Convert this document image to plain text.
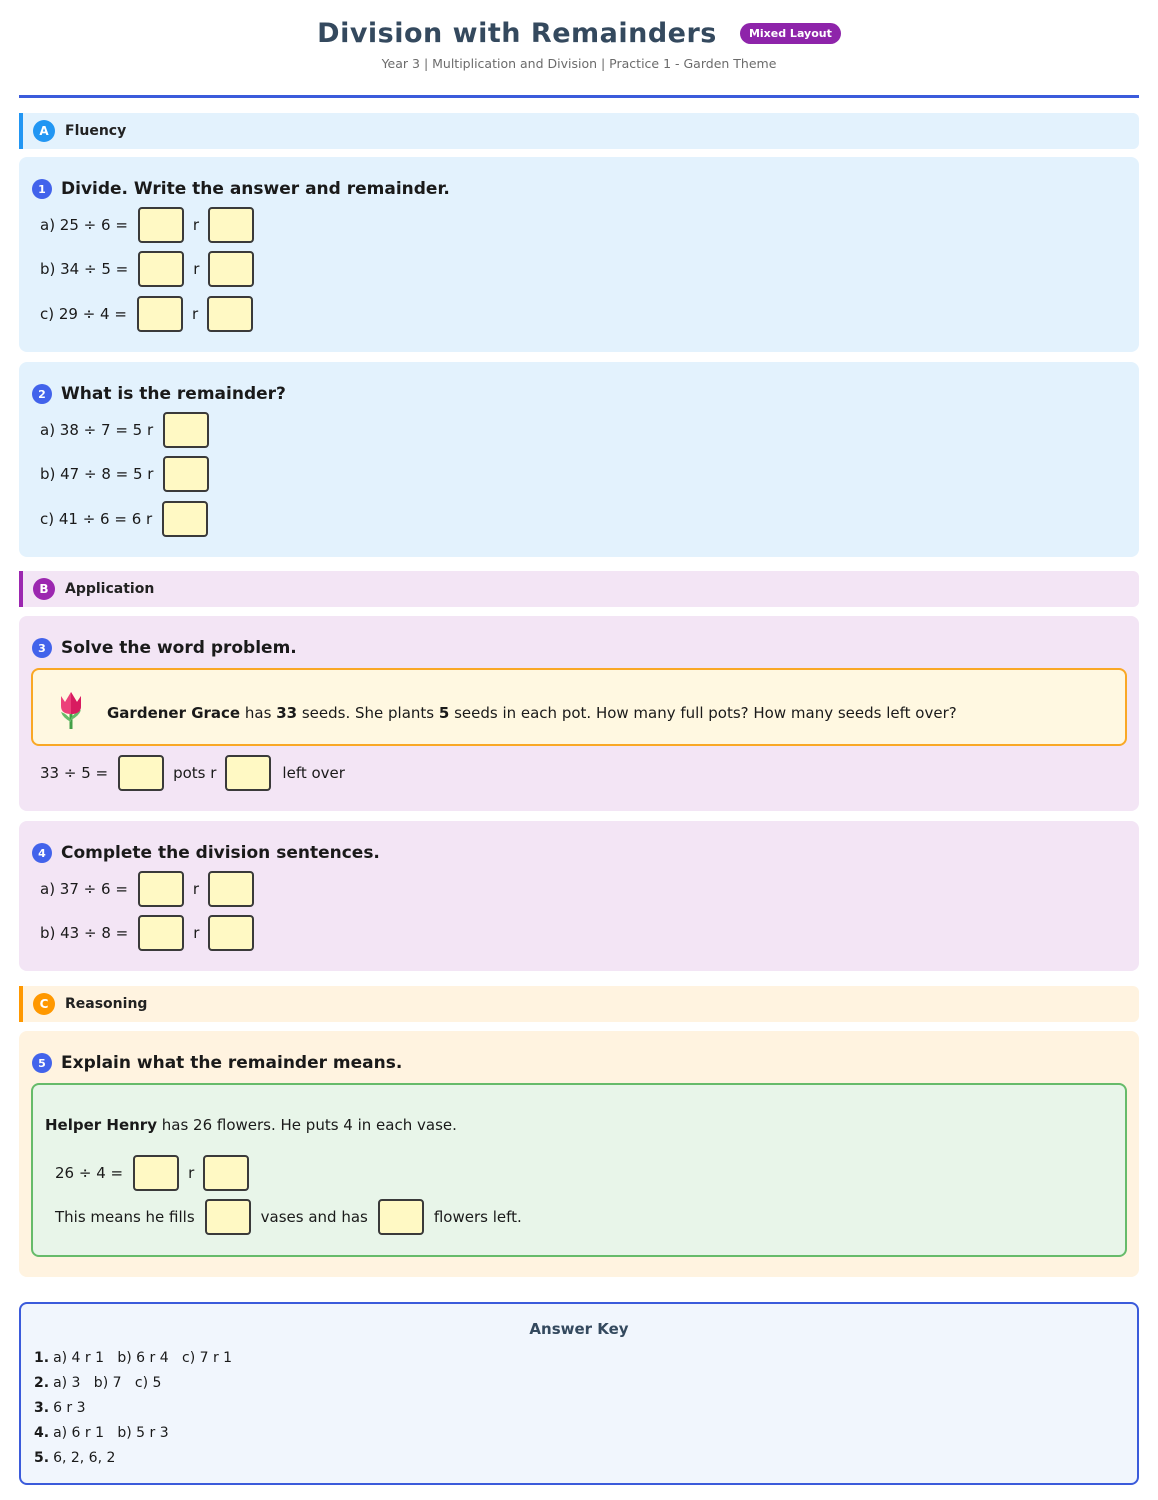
Division with Remainders	Mixed Layout
Year 3 | Multiplication and Division | Practice 1 - Garden Theme
A	Fluency
1 Divide. Write the answer and remainder.
a) 25 ÷ 6 =	r
b) 34 ÷ 5 =	r
c) 29 ÷ 4 =	r
2 What is the remainder?
a) 38 ÷ 7 = 5 r
b) 47 ÷ 8 = 5 r
c) 41 ÷ 6 = 6 r
B	Application
3 Solve the word problem.
Gardener Grace has 33 seeds. She plants 5 seeds in each pot. How many full pots? How many seeds left over?
33 ÷ 5 =	pots r	left over
4 Complete the division sentences.
a) 37 ÷ 6 =	r
b) 43 ÷ 8 =	r
C	Reasoning
5 Explain what the remainder means.
Helper Henry has 26 flowers. He puts 4 in each vase.
26 ÷ 4 =	r
This means he fills	vases and has	flowers left.
Answer Key
1. a) 4 r 1   b) 6 r 4   c) 7 r 1
2. a) 3   b) 7   c) 5
3. 6 r 3
4. a) 6 r 1   b) 5 r 3
5. 6, 2, 6, 2
